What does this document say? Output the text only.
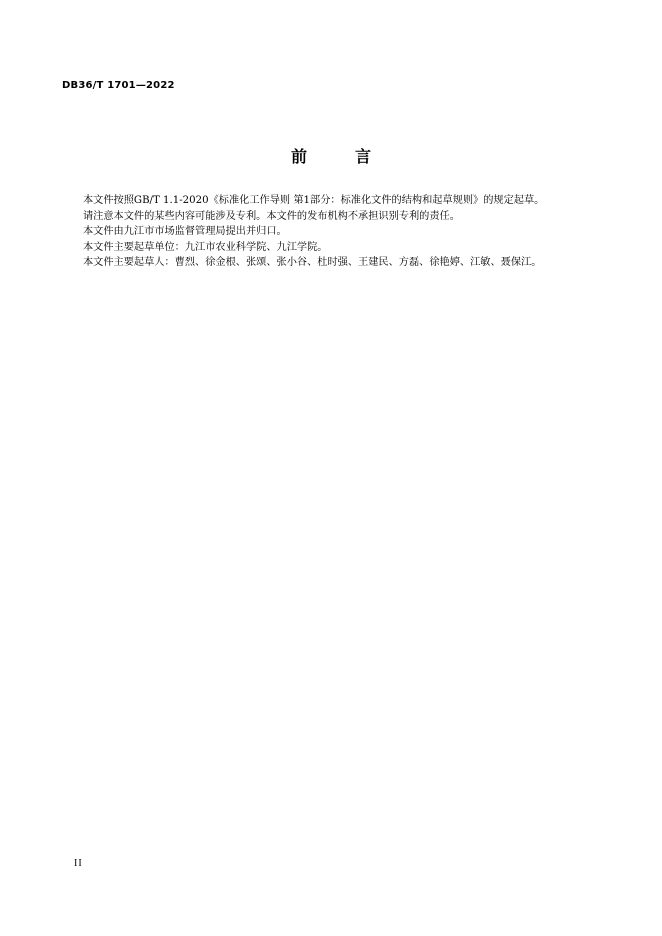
DB36/T 1701—2022
前　言

本文件按照GB/T 1.1-2020《标准化工作导则 第1部分：标准化文件的结构和起草规则》的规定起草。

请注意本文件的某些内容可能涉及专利。本文件的发布机构不承担识别专利的责任。

本文件由九江市市场监督管理局提出并归口。

本文件主要起草单位：九江市农业科学院、九江学院。

本文件主要起草人：曹烈、徐金根、张颂、张小谷、杜时强、王建民、方磊、徐艳婷、江敏、聂保江。

II
